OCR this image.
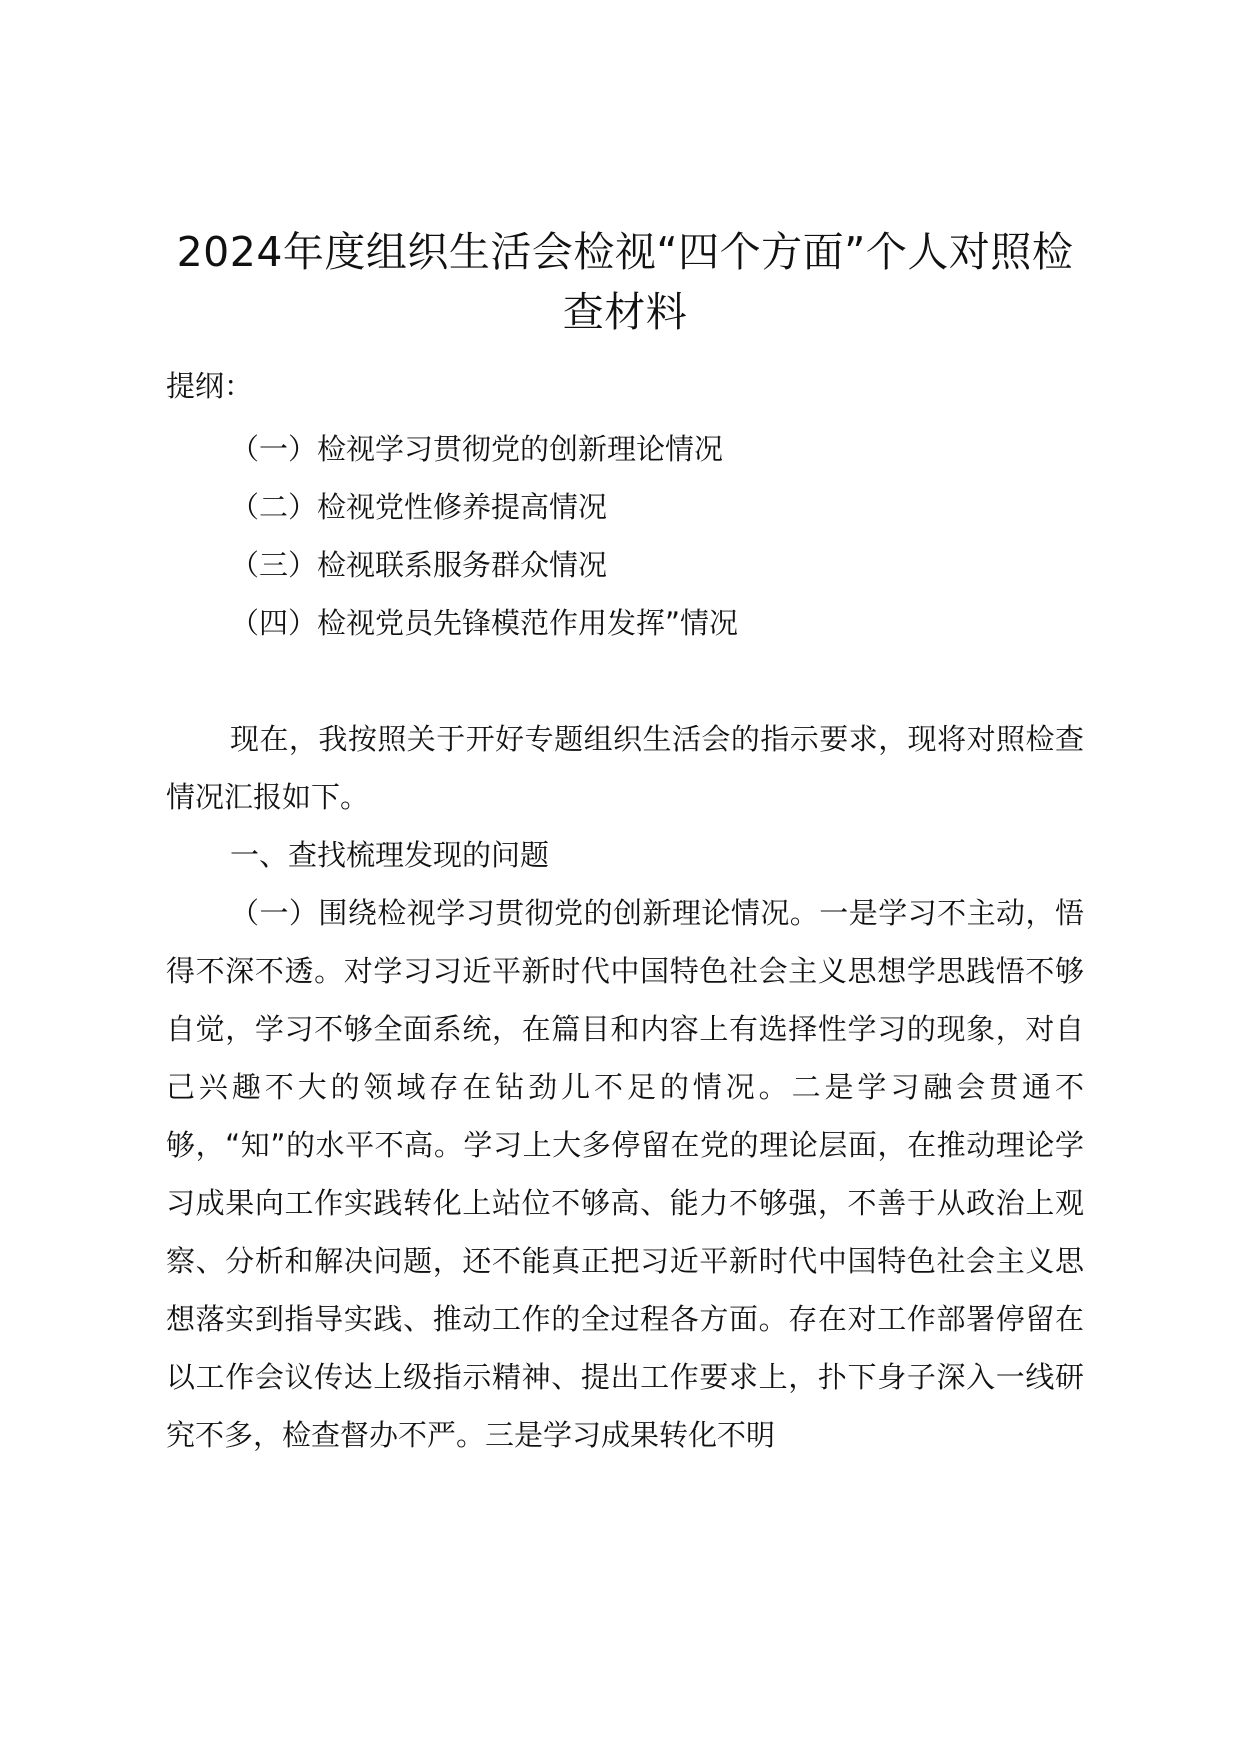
2024年度组织生活会检视“四个方面”个人对照检查材料

提纲：

（一）检视学习贯彻党的创新理论情况
（二）检视党性修养提高情况
（三）检视联系服务群众情况
（四）检视党员先锋模范作用发挥”情况

现在，我按照关于开好专题组织生活会的指示要求，现将对照检查情况汇报如下。

一、查找梳理发现的问题

（一）围绕检视学习贯彻党的创新理论情况。一是学习不主动，悟得不深不透。对学习习近平新时代中国特色社会主义思想学思践悟不够自觉，学习不够全面系统，在篇目和内容上有选择性学习的现象，对自己兴趣不大的领域存在钻劲儿不足的情况。二是学习融会贯通不够，“知”的水平不高。学习上大多停留在党的理论层面，在推动理论学习成果向工作实践转化上站位不够高、能力不够强，不善于从政治上观察、分析和解决问题，还不能真正把习近平新时代中国特色社会主义思想落实到指导实践、推动工作的全过程各方面。存在对工作部署停留在以工作会议传达上级指示精神、提出工作要求上，扑下身子深入一线研究不多，检查督办不严。三是学习成果转化不明
